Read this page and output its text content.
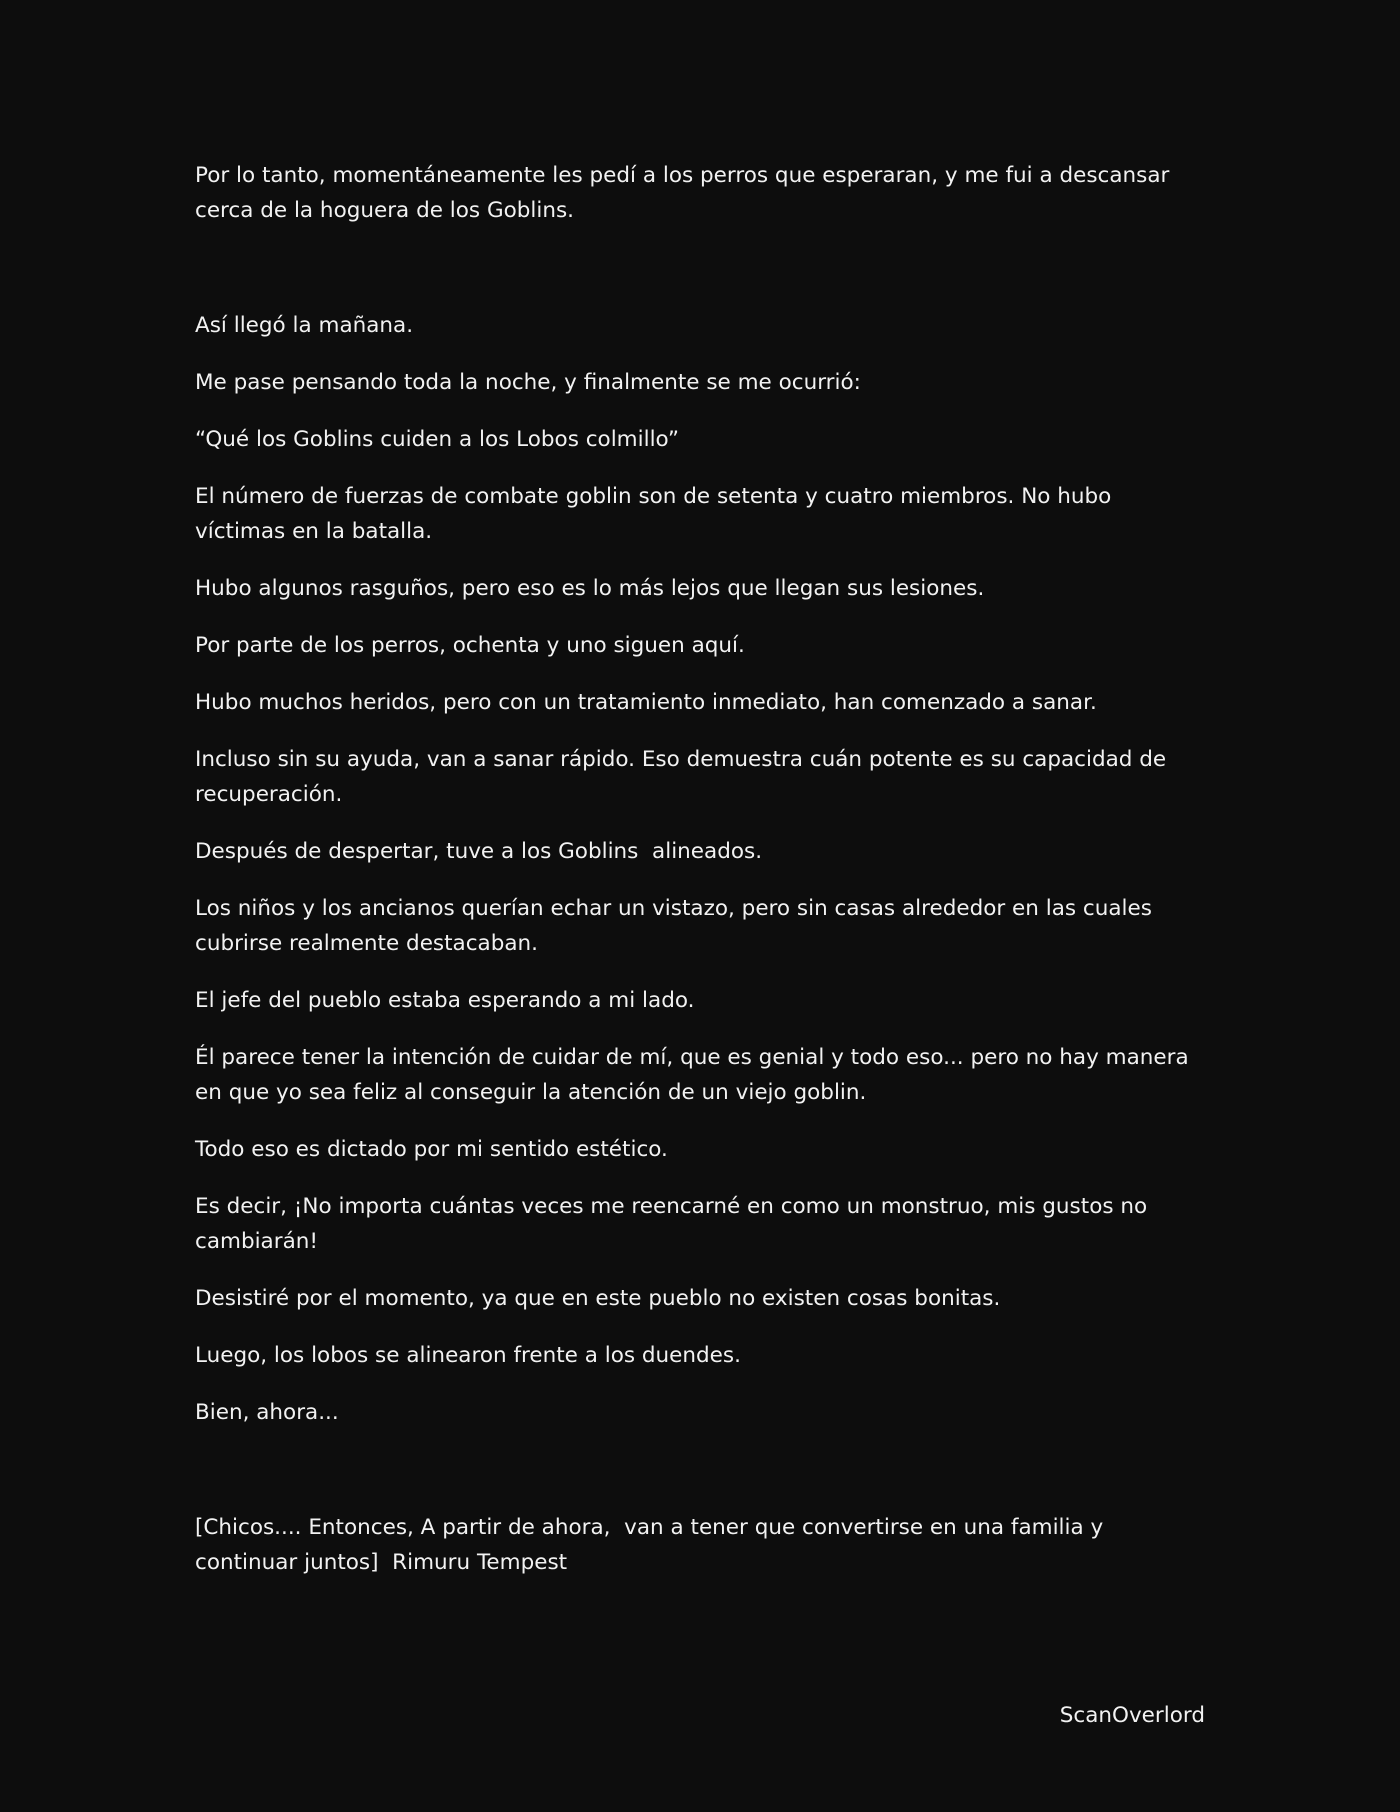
Por lo tanto, momentáneamente les pedí a los perros que esperaran, y me fui a descansar cerca de la hoguera de los Goblins.

Así llegó la mañana.

Me pase pensando toda la noche, y finalmente se me ocurrió:

“Qué los Goblins cuiden a los Lobos colmillo”

El número de fuerzas de combate goblin son de setenta y cuatro miembros. No hubo víctimas en la batalla.

Hubo algunos rasguños, pero eso es lo más lejos que llegan sus lesiones.

Por parte de los perros, ochenta y uno siguen aquí.

Hubo muchos heridos, pero con un tratamiento inmediato, han comenzado a sanar.

Incluso sin su ayuda, van a sanar rápido. Eso demuestra cuán potente es su capacidad de recuperación.

Después de despertar, tuve a los Goblins  alineados.

Los niños y los ancianos querían echar un vistazo, pero sin casas alrededor en las cuales cubrirse realmente destacaban.

El jefe del pueblo estaba esperando a mi lado.

Él parece tener la intención de cuidar de mí, que es genial y todo eso... pero no hay manera en que yo sea feliz al conseguir la atención de un viejo goblin.

Todo eso es dictado por mi sentido estético.

Es decir, ¡No importa cuántas veces me reencarné en como un monstruo, mis gustos no cambiarán!

Desistiré por el momento, ya que en este pueblo no existen cosas bonitas.

Luego, los lobos se alinearon frente a los duendes.

Bien, ahora...

[Chicos.... Entonces, A partir de ahora,  van a tener que convertirse en una familia y continuar juntos]  Rimuru Tempest

ScanOverlord
